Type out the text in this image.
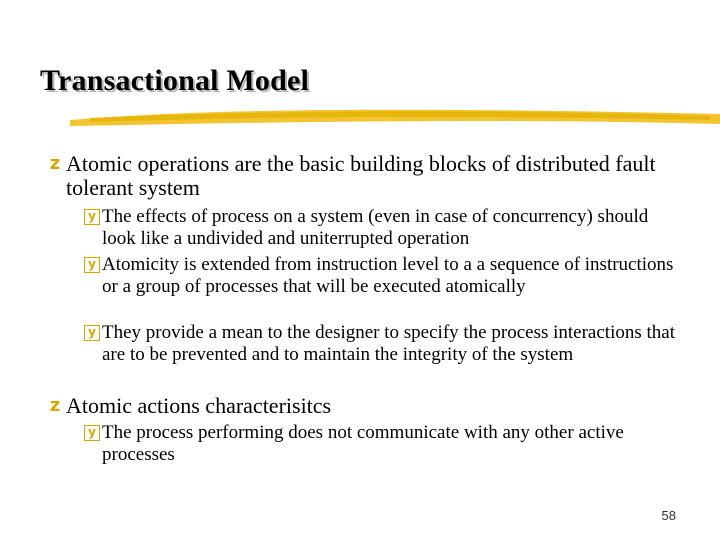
Transactional Model
z Atomic operations are the basic building blocks of distributed fault tolerant system
y The effects of process on a system (even in case of concurrency) should look like a undivided and uniterrupted operation
y Atomicity is extended from instruction level to a a sequence of instructions or a group of processes that will be executed atomically
y They provide a mean to the designer to specify the process interactions that are to be prevented and to maintain the integrity of the system
z Atomic actions characterisitcs
y The process performing does not communicate with any other active processes
58
